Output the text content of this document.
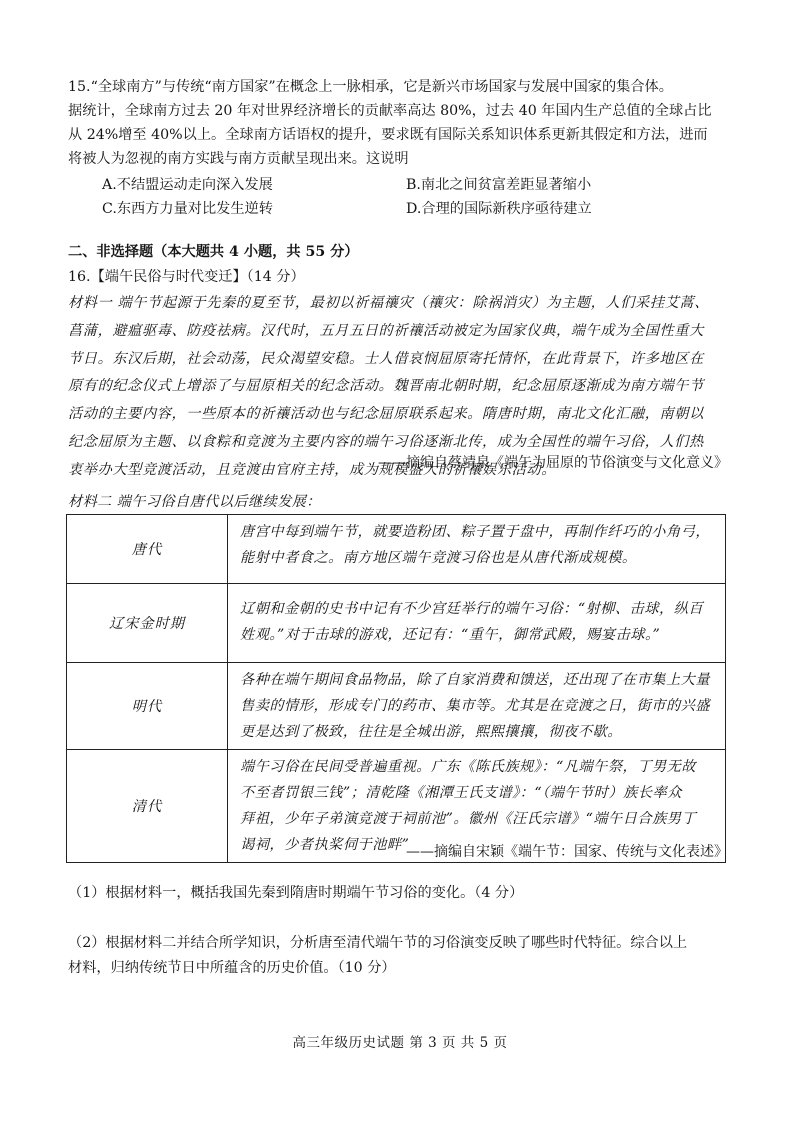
15.“全球南方”与传统“南方国家”在概念上一脉相承，它是新兴市场国家与发展中国家的集合体。
据统计，全球南方过去 20 年对世界经济增长的贡献率高达 80%，过去 40 年国内生产总值的全球占比
从 24%增至 40%以上。全球南方话语权的提升，要求既有国际关系知识体系更新其假定和方法，进而
将被人为忽视的南方实践与南方贡献呈现出来。这说明
A.不结盟运动走向深入发展	B.南北之间贫富差距显著缩小
C.东西方力量对比发生逆转	D.合理的国际新秩序亟待建立
二、非选择题（本大题共 4 小题，共 55 分）
16.【端午民俗与时代变迁】（14 分）
材料一 端午节起源于先秦的夏至节，最初以祈福禳灾（禳灾：除祸消灾）为主题，人们采挂艾蒿、
菖蒲，避瘟驱毒、防疫祛病。汉代时，五月五日的祈禳活动被定为国家仪典，端午成为全国性重大
节日。东汉后期，社会动荡，民众渴望安稳。士人借哀悯屈原寄托情怀，在此背景下，许多地区在
原有的纪念仪式上增添了与屈原相关的纪念活动。魏晋南北朝时期，纪念屈原逐渐成为南方端午节
活动的主要内容，一些原本的祈禳活动也与纪念屈原联系起来。隋唐时期，南北文化汇融，南朝以
纪念屈原为主题、以食粽和竞渡为主要内容的端午习俗逐渐北传，成为全国性的端午习俗，人们热
衷举办大型竞渡活动，且竞渡由官府主持，成为规模盛大的祈禳娱乐活动。
——摘编自蔡靖泉《端午为屈原的节俗演变与文化意义》
材料二 端午习俗自唐代以后继续发展：
唐代	唐宫中每到端午节，就要造粉团、粽子置于盘中，再制作纤巧的小角弓，
能射中者食之。南方地区端午竞渡习俗也是从唐代渐成规模。

辽宋金时期	辽朝和金朝的史书中记有不少宫廷举行的端午习俗：“射柳、击球，纵百
姓观。”对于击球的游戏，还记有：“重午，御常武殿，赐宴击球。”

明代	各种在端午期间食品物品，除了自家消费和馈送，还出现了在市集上大量
售卖的情形，形成专门的药市、集市等。尤其是在竞渡之日，街市的兴盛
更是达到了极致，往往是全城出游，熙熙攘攘，彻夜不歇。

清代	端午习俗在民间受普遍重视。广东《陈氏族规》：“凡端午祭，丁男无故
不至者罚银三钱”；清乾隆《湘潭王氏支谱》：“（端午节时）族长率众
拜祖，少年子弟演竞渡于祠前池”。徽州《汪氏宗谱》“端午日合族男丁
谒祠，少者执桨伺于池畔”
——摘编自宋颖《端午节：国家、传统与文化表述》
（1）根据材料一，概括我国先秦到隋唐时期端午节习俗的变化。（4 分）
（2）根据材料二并结合所学知识，分析唐至清代端午节的习俗演变反映了哪些时代特征。综合以上
材料，归纳传统节日中所蕴含的历史价值。（10 分）
高三年级历史试题 第 3 页 共 5 页
